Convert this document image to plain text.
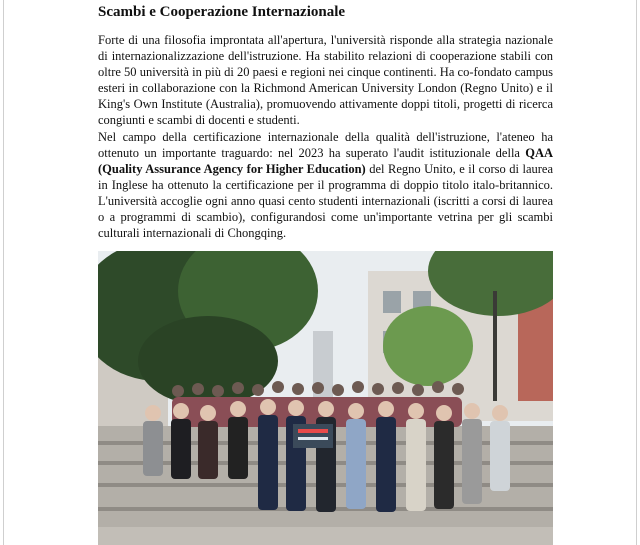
Scambi e Cooperazione Internazionale

Forte di una filosofia improntata all'apertura, l'università risponde alla strategia nazionale di internazionalizzazione dell'istruzione. Ha stabilito relazioni di cooperazione stabili con oltre 50 università in più di 20 paesi e regioni nei cinque continenti. Ha co-fondato campus esteri in collaborazione con la Richmond American University London (Regno Unito) e il King's Own Institute (Australia), promuovendo attivamente doppi titoli, progetti di ricerca congiunti e scambi di docenti e studenti.

Nel campo della certificazione internazionale della qualità dell'istruzione, l'ateneo ha ottenuto un importante traguardo: nel 2023 ha superato l'audit istituzionale della QAA (Quality Assurance Agency for Higher Education) del Regno Unito, e il corso di laurea in Inglese ha ottenuto la certificazione per il programma di doppio titolo italo-britannico. L'università accoglie ogni anno quasi cento studenti internazionali (iscritti a corsi di laurea o a programmi di scambio), configurandosi come un'importante vetrina per gli scambi culturali internazionali di Chongqing.
